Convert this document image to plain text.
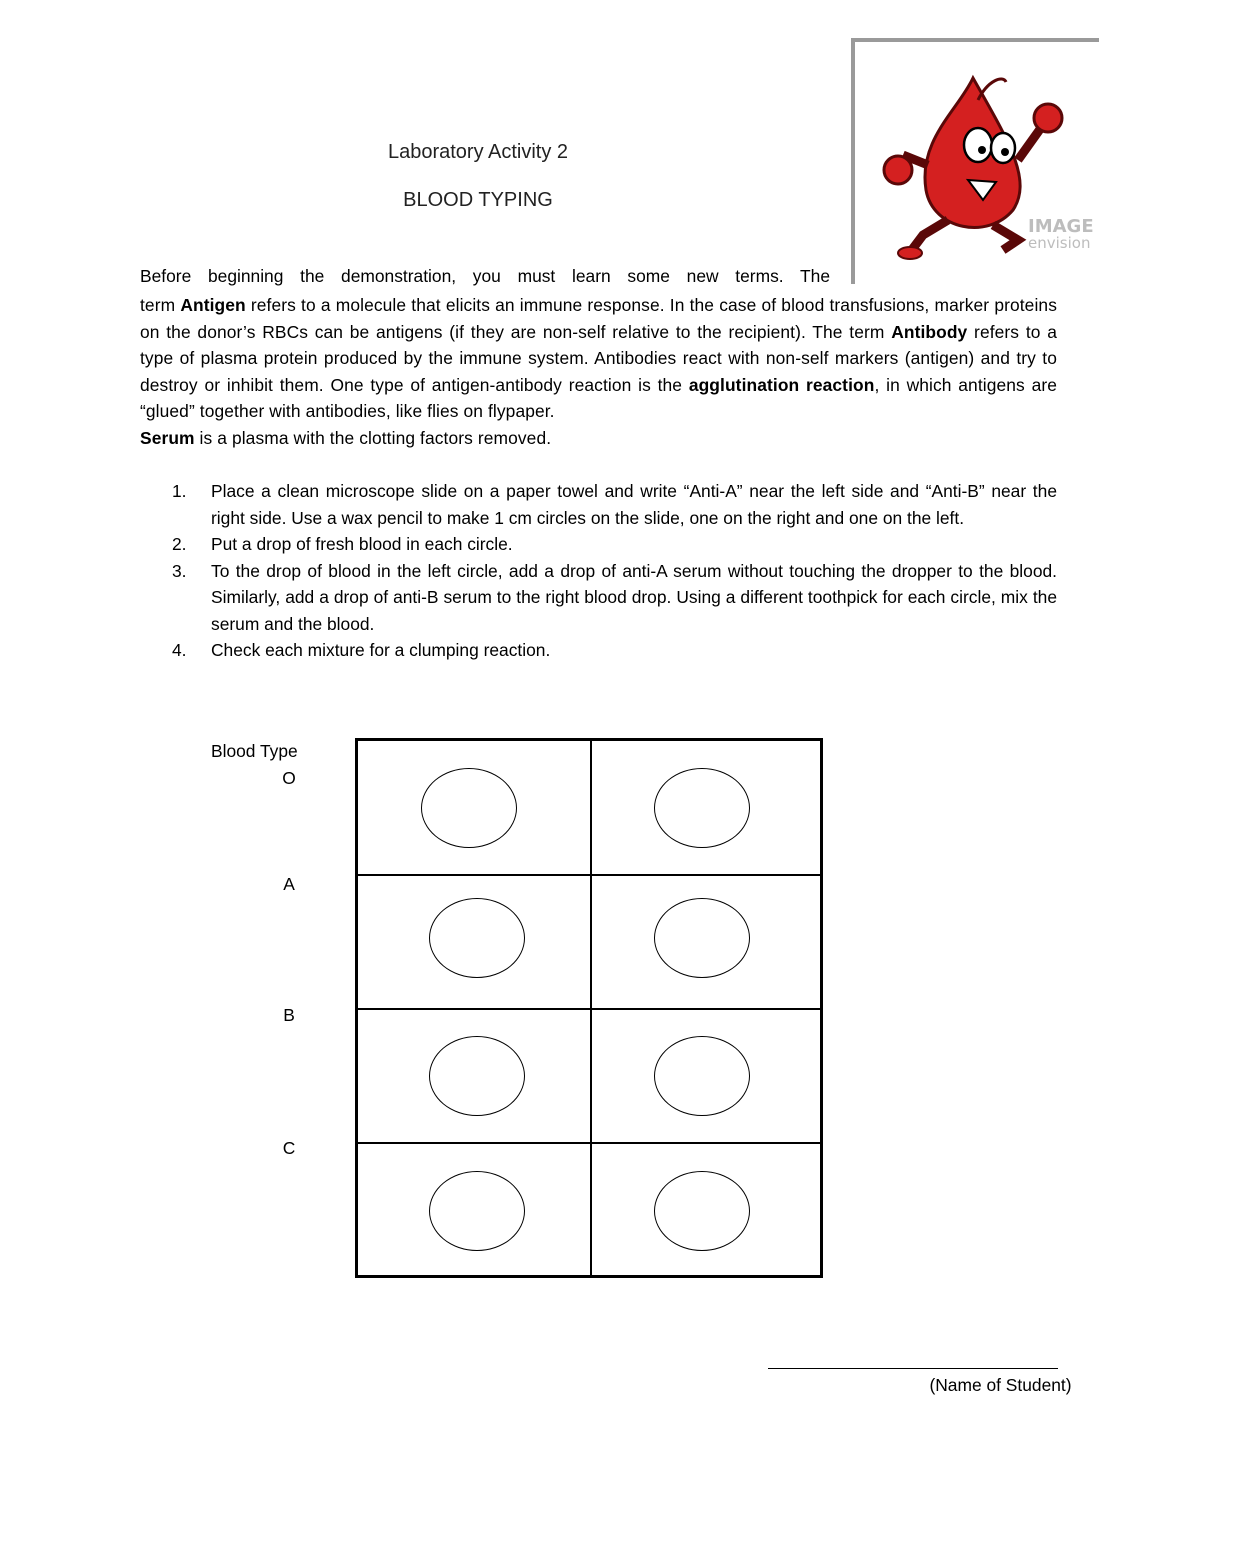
Laboratory Activity 2
BLOOD TYPING
IMAGE
envision
Before beginning the demonstration, you must learn some new terms. The
term Antigen refers to a molecule that elicits an immune response. In the case of blood transfusions, marker proteins on the donor’s RBCs can be antigens (if they are non-self relative to the recipient). The term Antibody refers to a type of plasma protein produced by the immune system. Antibodies react with non-self markers (antigen) and try to destroy or inhibit them. One type of antigen-antibody reaction is the agglutination reaction, in which antigens are “glued” together with antibodies, like flies on flypaper.
Serum is a plasma with the clotting factors removed.
1. Place a clean microscope slide on a paper towel and write “Anti-A” near the left side and “Anti-B” near the right side. Use a wax pencil to make 1 cm circles on the slide, one on the right and one on the left.
2. Put a drop of fresh blood in each circle.
3. To the drop of blood in the left circle, add a drop of anti-A serum without touching the dropper to the blood. Similarly, add a drop of anti-B serum to the right blood drop. Using a different toothpick for each circle, mix the serum and the blood.
4. Check each mixture for a clumping reaction.
Blood Type
O
A
B
C
(Name of Student)
